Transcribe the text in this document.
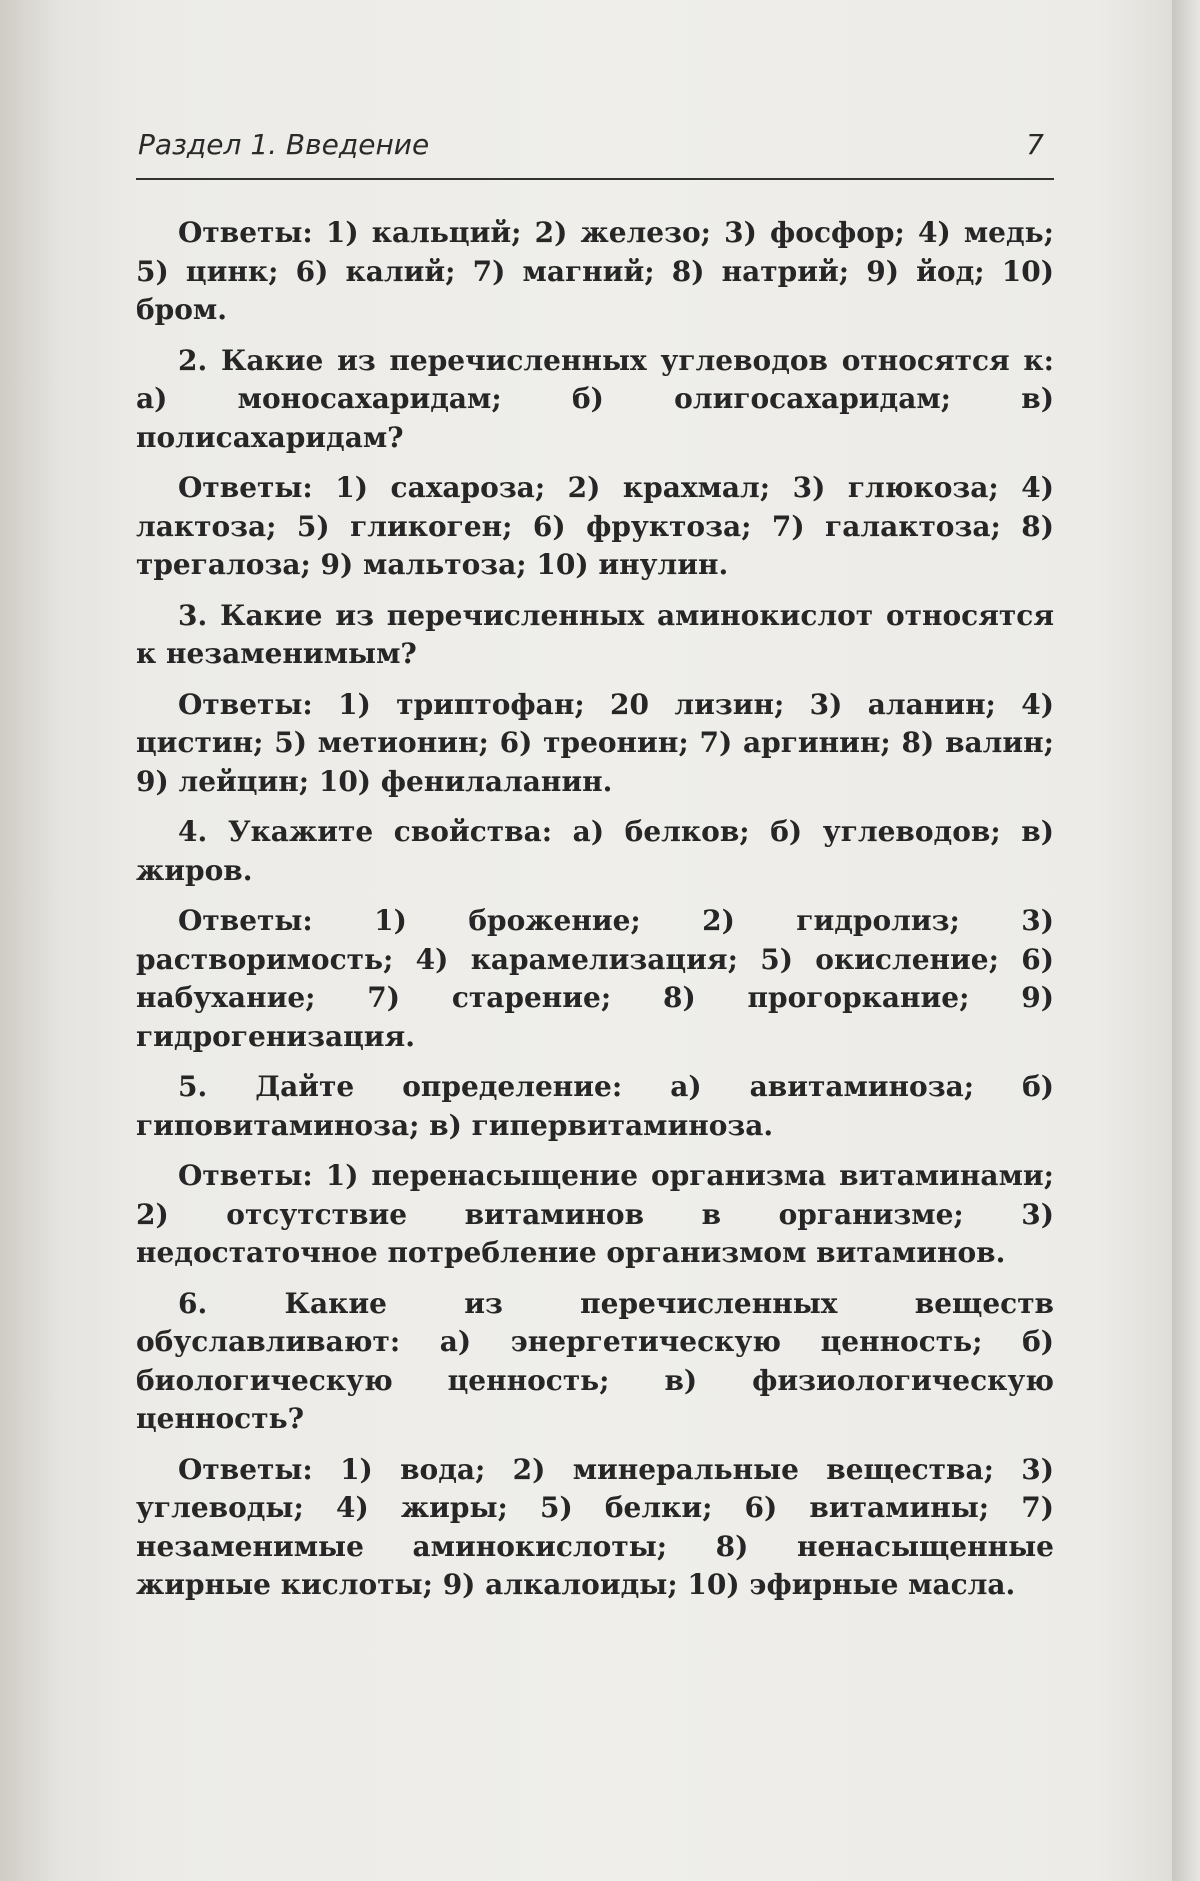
Раздел 1. Введение	7

Ответы: 1) кальций; 2) железо; 3) фосфор; 4) медь; 5) цинк; 6) калий; 7) магний; 8) натрий; 9) йод; 10) бром.

2. Какие из перечисленных углеводов относятся к: а) моносахаридам; б) олигосахаридам; в) полисахаридам?

Ответы: 1) сахароза; 2) крахмал; 3) глюкоза; 4) лактоза; 5) гликоген; 6) фруктоза; 7) галактоза; 8) трегалоза; 9) мальтоза; 10) инулин.

3. Какие из перечисленных аминокислот относятся к незаменимым?

Ответы: 1) триптофан; 20 лизин; 3) аланин; 4) цистин; 5) метионин; 6) треонин; 7) аргинин; 8) валин; 9) лейцин; 10) фенилаланин.

4. Укажите свойства: а) белков; б) углеводов; в) жиров.

Ответы: 1) брожение; 2) гидролиз; 3) растворимость; 4) карамелизация; 5) окисление; 6) набухание; 7) старение; 8) прогоркание; 9) гидрогенизация.

5. Дайте определение: а) авитаминоза; б) гиповитаминоза; в) гипервитаминоза.

Ответы: 1) перенасыщение организма витаминами; 2) отсутствие витаминов в организме; 3) недостаточное потребление организмом витаминов.

6. Какие из перечисленных веществ обуславливают: а) энергетическую ценность; б) биологическую ценность; в) физиологическую ценность?

Ответы: 1) вода; 2) минеральные вещества; 3) углеводы; 4) жиры; 5) белки; 6) витамины; 7) незаменимые аминокислоты; 8) ненасыщенные жирные кислоты; 9) алкалоиды; 10) эфирные масла.
